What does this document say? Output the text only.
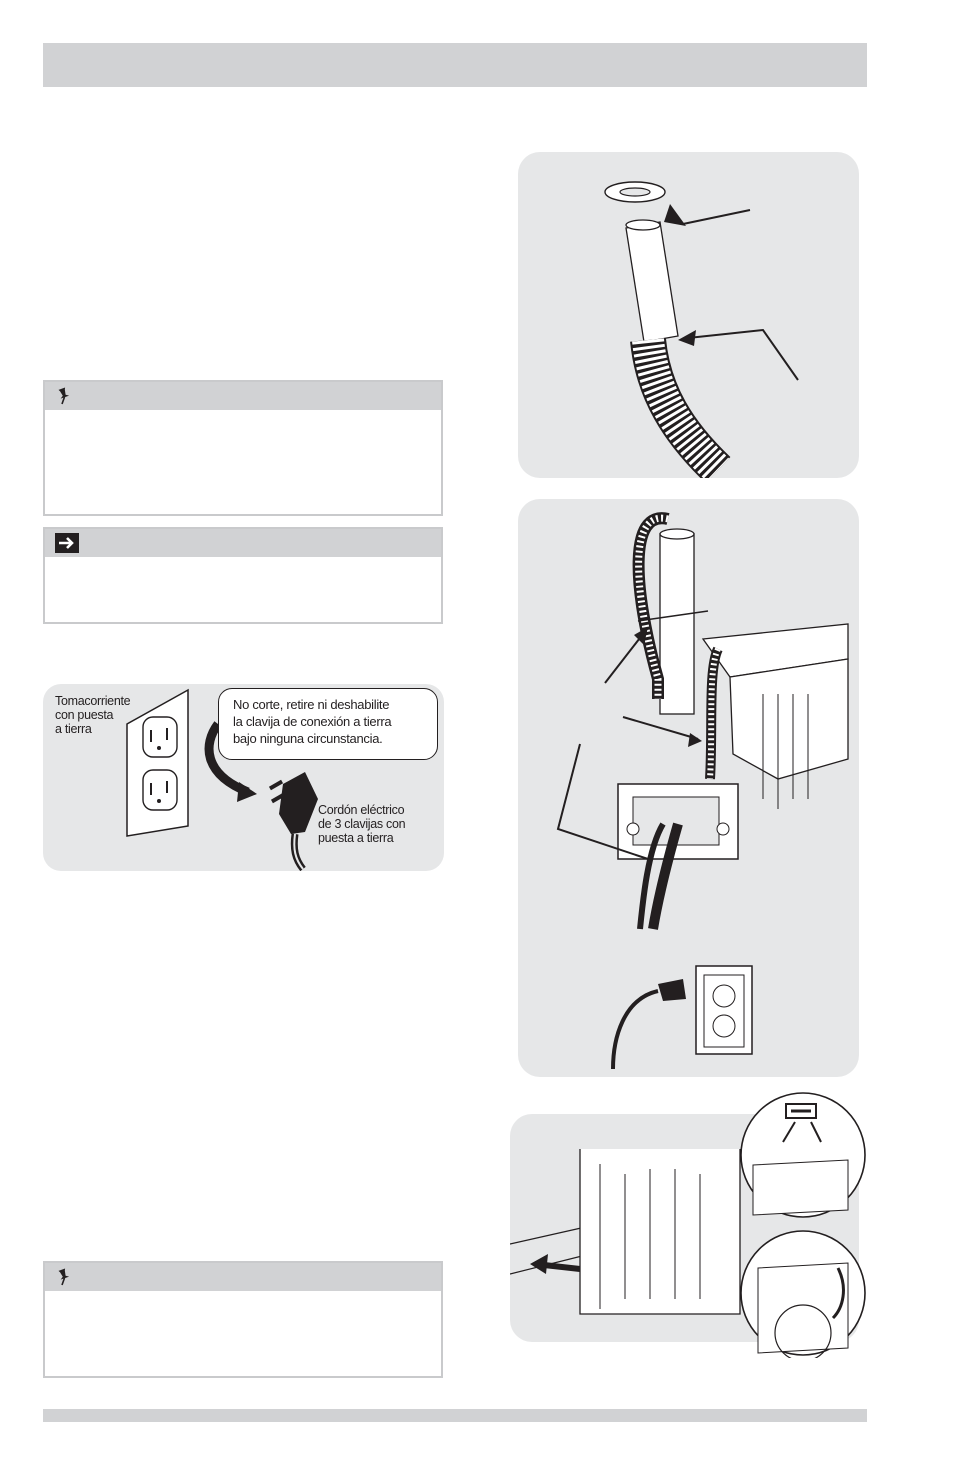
No corte, retire ni deshabilite
la clavija de conexión a tierra
bajo ninguna circunstancia.
Tomacorriente
con puesta
a tierra
Cordón eléctrico
de 3 clavijas con
puesta a tierra
